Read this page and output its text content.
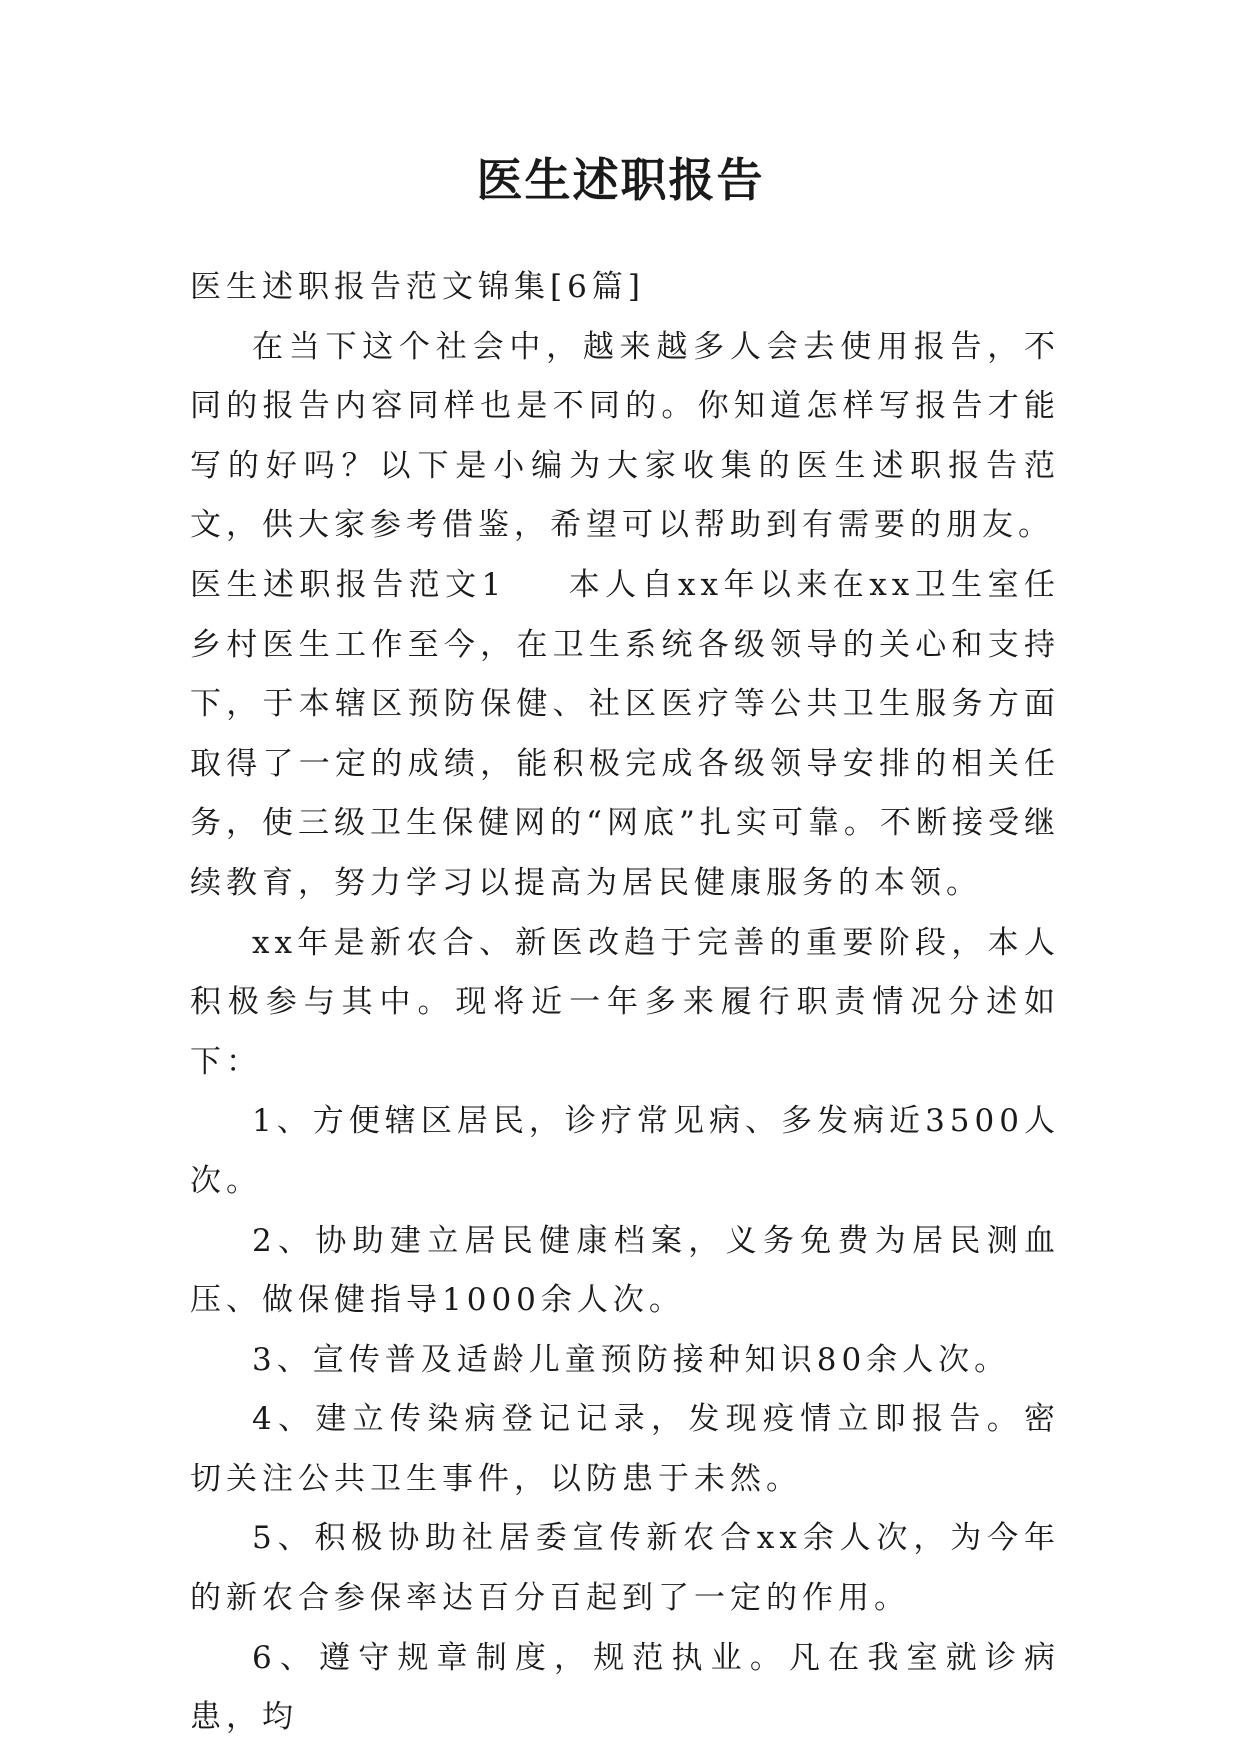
医生述职报告

医生述职报告范文锦集[6篇]

在当下这个社会中，越来越多人会去使用报告，不同的报告内容同样也是不同的。你知道怎样写报告才能写的好吗？以下是小编为大家收集的医生述职报告范文，供大家参考借鉴，希望可以帮助到有需要的朋友。

医生述职报告范文1 本人自xx年以来在xx卫生室任乡村医生工作至今，在卫生系统各级领导的关心和支持下，于本辖区预防保健、社区医疗等公共卫生服务方面取得了一定的成绩，能积极完成各级领导安排的相关任务，使三级卫生保健网的“网底”扎实可靠。不断接受继续教育，努力学习以提高为居民健康服务的本领。

xx年是新农合、新医改趋于完善的重要阶段，本人积极参与其中。现将近一年多来履行职责情况分述如下：

1、方便辖区居民，诊疗常见病、多发病近3500人次。

2、协助建立居民健康档案，义务免费为居民测血压、做保健指导1000余人次。

3、宣传普及适龄儿童预防接种知识80余人次。

4、建立传染病登记记录，发现疫情立即报告。密切关注公共卫生事件，以防患于未然。

5、积极协助社居委宣传新农合xx余人次，为今年的新农合参保率达百分百起到了一定的作用。

6、遵守规章制度，规范执业。凡在我室就诊病患，均
